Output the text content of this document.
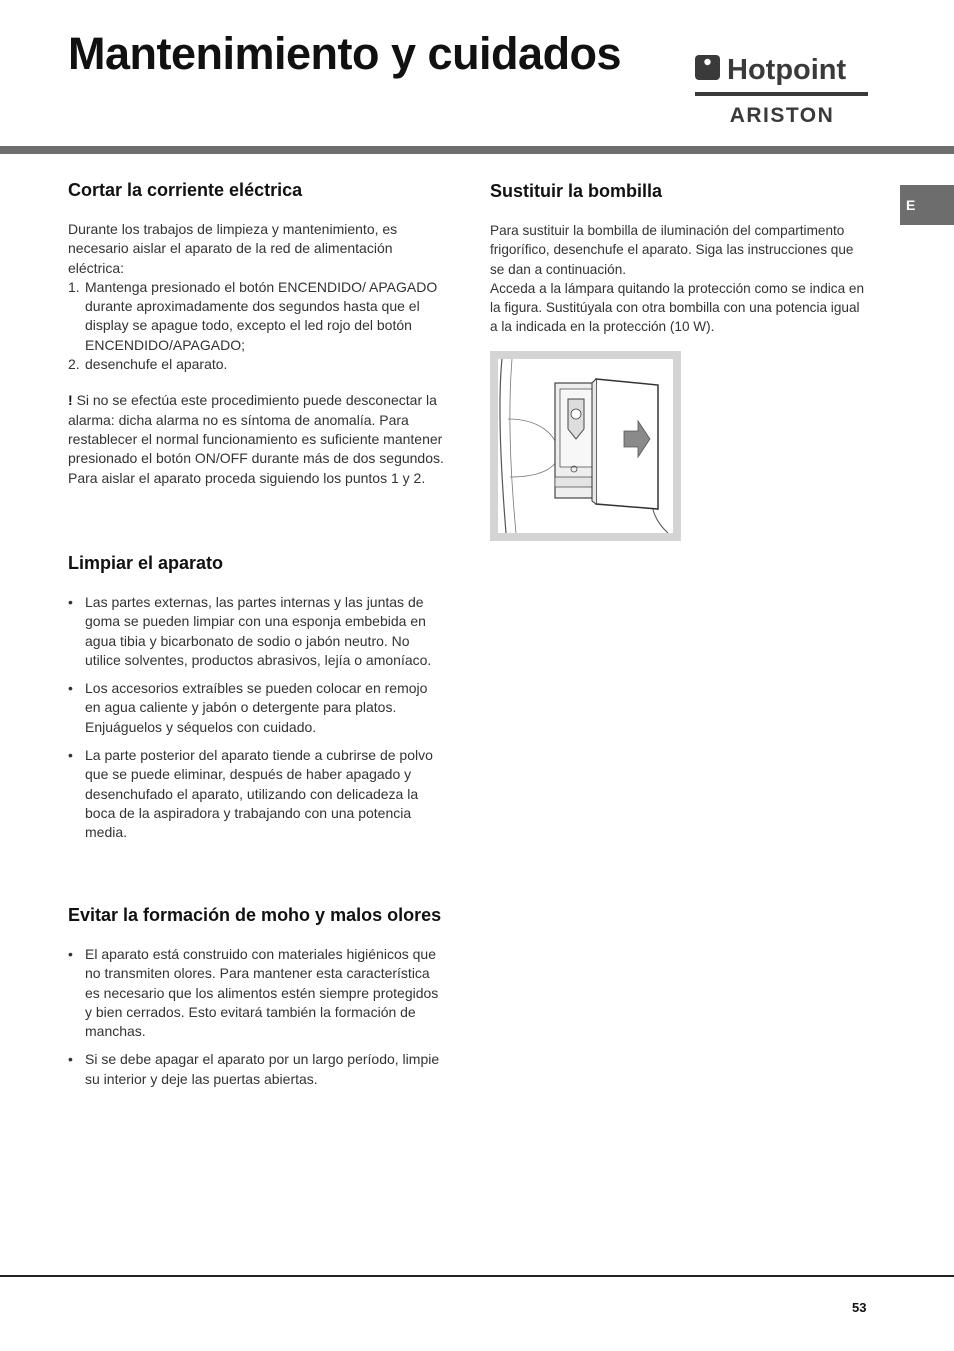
Mantenimiento y cuidados	Hotpoint
ARISTON
E
Cortar la corriente eléctrica

Durante los trabajos de limpieza y mantenimiento, es necesario aislar el aparato de la red de alimentación eléctrica:

1. Mantenga presionado el botón ENCENDIDO/ APAGADO durante aproximadamente dos segundos hasta que el display se apague todo, excepto el led rojo del botón ENCENDIDO/APAGADO;
2. desenchufe el aparato.

! Si no se efectúa este procedimiento puede desconectar la alarma: dicha alarma no es síntoma de anomalía. Para restablecer el normal funcionamiento es suficiente mantener presionado el botón ON/OFF durante más de dos segundos. Para aislar el aparato proceda siguiendo los puntos 1 y 2.

Limpiar el aparato
• Las partes externas, las partes internas y las juntas de goma se pueden limpiar con una esponja embebida en agua tibia y bicarbonato de sodio o jabón neutro. No utilice solventes, productos abrasivos, lejía o amoníaco.
• Los accesorios extraíbles se pueden colocar en remojo en agua caliente y jabón o detergente para platos. Enjuáguelos y séquelos con cuidado.
• La parte posterior del aparato tiende a cubrirse de polvo que se puede eliminar, después de haber apagado y desenchufado el aparato, utilizando con delicadeza la boca de la aspiradora y trabajando con una potencia media.
Evitar la formación de moho y malos olores
• El aparato está construido con materiales higiénicos que no transmiten olores. Para mantener esta característica es necesario que los alimentos estén siempre protegidos y bien cerrados. Esto evitará también la formación de manchas.
• Si se debe apagar el aparato por un largo período, limpie su interior y deje las puertas abiertas.
Sustituir la bombilla

Para sustituir la bombilla de iluminación del compartimento frigorífico, desenchufe el aparato. Siga las instrucciones que se dan a continuación.

Acceda a la lámpara quitando la protección como se indica en la figura. Sustitúyala con otra bombilla con una potencia igual a la indicada en la protección (10 W).

53
